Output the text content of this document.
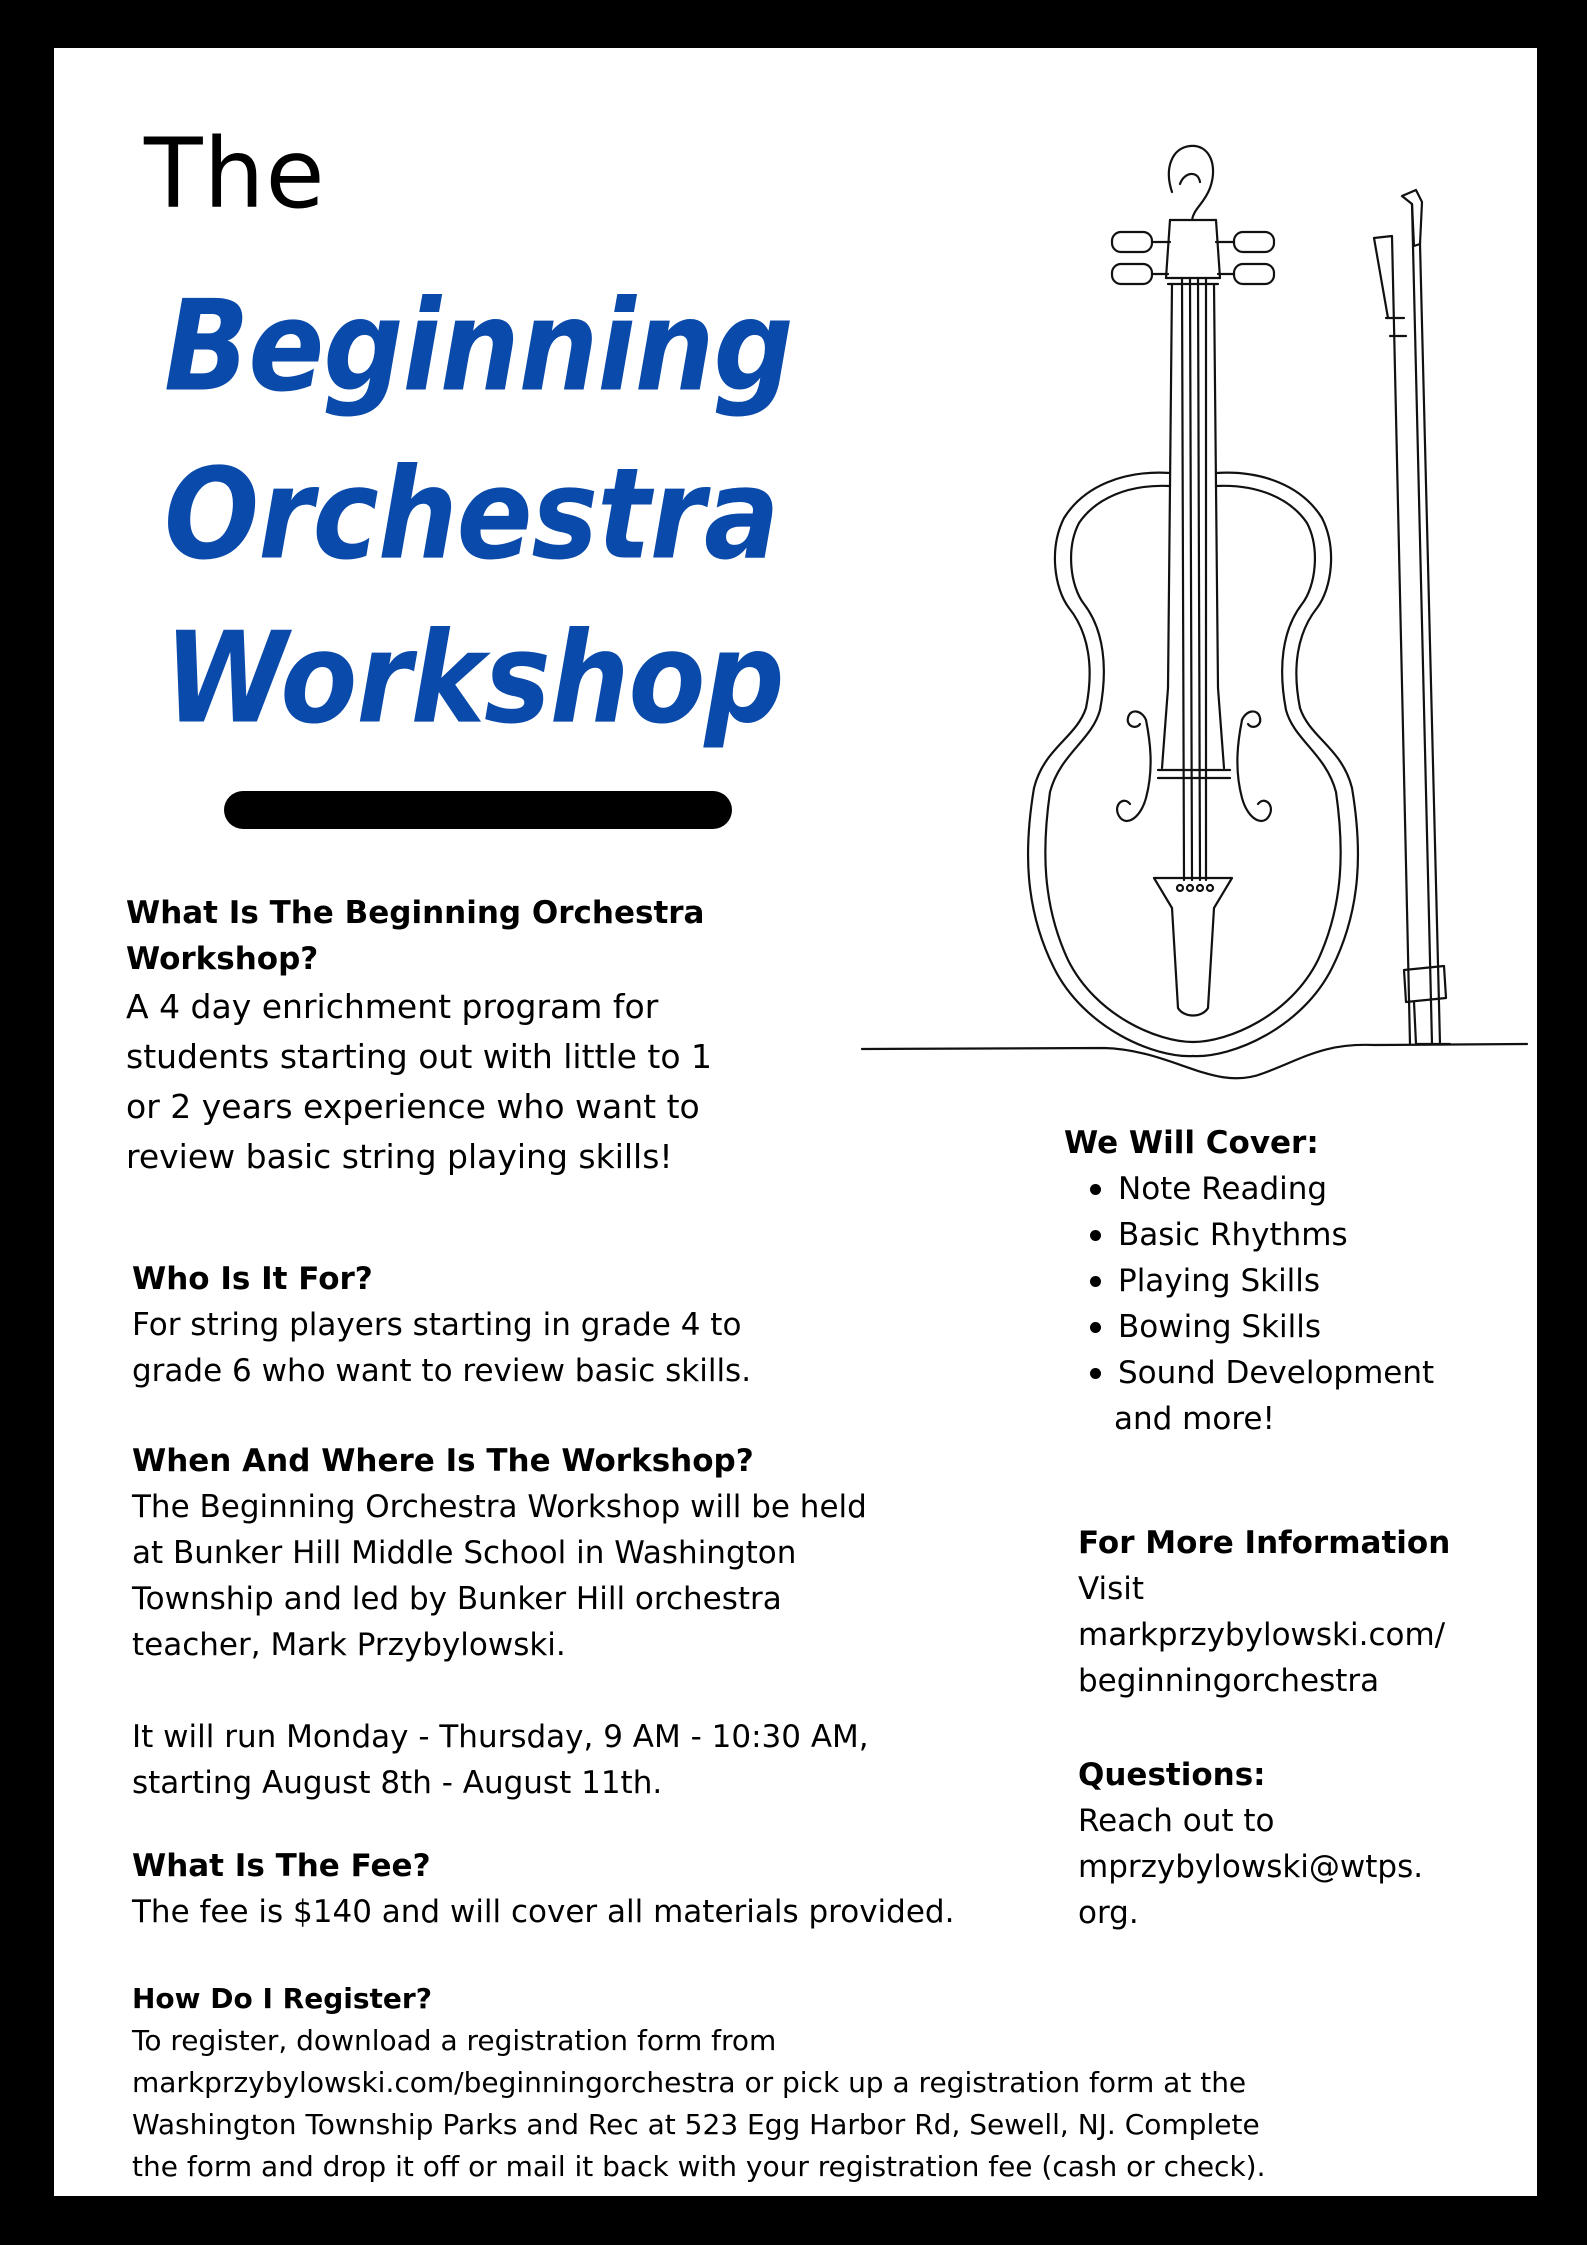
The
Beginning
Orchestra
Workshop
What Is The Beginning Orchestra
Workshop?
A 4 day enrichment program for
students starting out with little to 1
or 2 years experience who want to
review basic string playing skills!
Who Is It For?
For string players starting in grade 4 to
grade 6 who want to review basic skills.
When And Where Is The Workshop?
The Beginning Orchestra Workshop will be held
at Bunker Hill Middle School in Washington
Township and led by Bunker Hill orchestra
teacher, Mark Przybylowski.
It will run Monday - Thursday, 9 AM - 10:30 AM,
starting August 8th - August 11th.
What Is The Fee?
The fee is $140 and will cover all materials provided.
How Do I Register?
To register, download a registration form from
markprzybylowski.com/beginningorchestra or pick up a registration form at the
Washington Township Parks and Rec at 523 Egg Harbor Rd, Sewell, NJ. Complete
the form and drop it off or mail it back with your registration fee (cash or check).
We Will Cover:
Note Reading
Basic Rhythms
Playing Skills
Bowing Skills
Sound Development
and more!
For More Information
Visit
markprzybylowski.com/
beginningorchestra
Questions:
Reach out to
mprzybylowski@wtps.
org.
